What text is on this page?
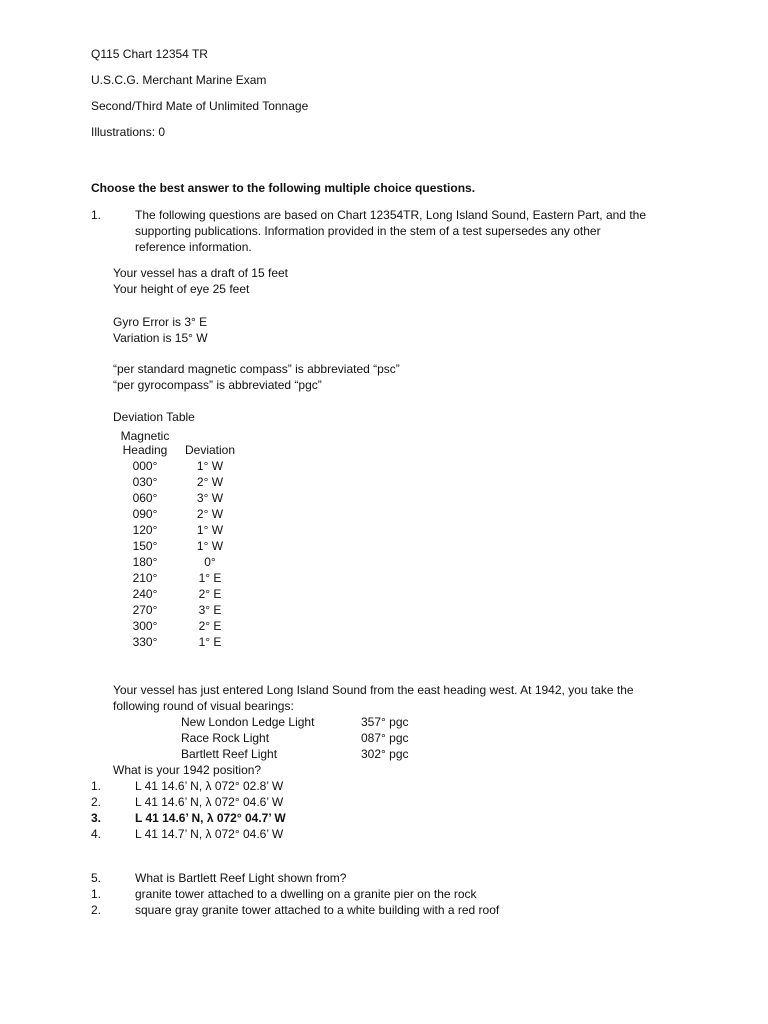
Q115 Chart 12354 TR
U.S.C.G. Merchant Marine Exam
Second/Third Mate of Unlimited Tonnage
Illustrations: 0
Choose the best answer to the following multiple choice questions.
1.	The following questions are based on Chart 12354TR, Long Island Sound, Eastern Part, and the
supporting publications. Information provided in the stem of a test supersedes any other
reference information.
Your vessel has a draft of 15 feet
Your height of eye 25 feet
Gyro Error is 3° E
Variation is 15° W
“per standard magnetic compass” is abbreviated “psc”
“per gyrocompass” is abbreviated “pgc”
Deviation Table
Magnetic
Heading	Deviation
000°	1° W
030°	2° W
060°	3° W
090°	2° W
120°	1° W
150°	1° W
180°	0°
210°	1° E
240°	2° E
270°	3° E
300°	2° E
330°	1° E
Your vessel has just entered Long Island Sound from the east heading west. At 1942, you take the
following round of visual bearings:
New London Ledge Light	357° pgc
Race Rock Light	087° pgc
Bartlett Reef Light	302° pgc
What is your 1942 position?
1.	L 41 14.6’ N, λ 072° 02.8’ W
2.	L 41 14.6’ N, λ 072° 04.6’ W
3.	L 41 14.6’ N, λ 072° 04.7’ W
4.	L 41 14.7’ N, λ 072° 04.6’ W
5.	What is Bartlett Reef Light shown from?
1.	granite tower attached to a dwelling on a granite pier on the rock
2.	square gray granite tower attached to a white building with a red roof
